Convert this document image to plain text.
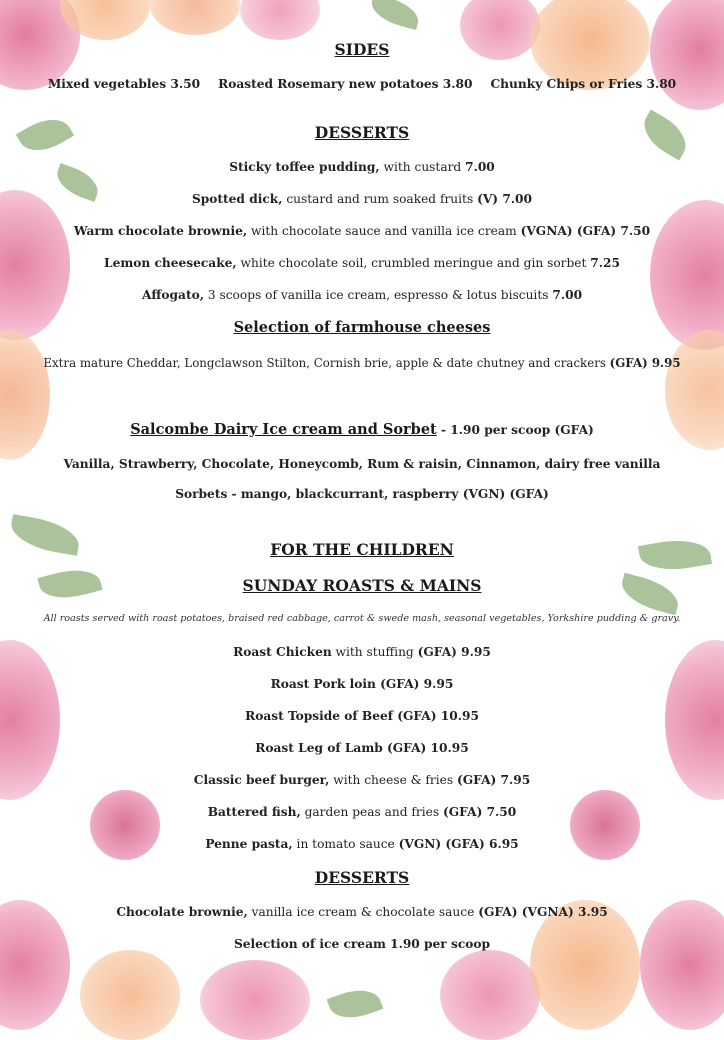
SIDES

Mixed vegetables 3.50 Roasted Rosemary new potatoes 3.80 Chunky Chips or Fries 3.80

DESSERTS

Sticky toffee pudding, with custard 7.00
Spotted dick, custard and rum soaked fruits (V) 7.00
Warm chocolate brownie, with chocolate sauce and vanilla ice cream (VGNA) (GFA) 7.50
Lemon cheesecake, white chocolate soil, crumbled meringue and gin sorbet 7.25
Affogato, 3 scoops of vanilla ice cream, espresso & lotus biscuits 7.00

Selection of farmhouse cheeses

Extra mature Cheddar, Longclawson Stilton, Cornish brie, apple & date chutney and crackers (GFA) 9.95
Salcombe Dairy Ice cream and Sorbet - 1.90 per scoop (GFA)
Vanilla, Strawberry, Chocolate, Honeycomb, Rum & raisin, Cinnamon, dairy free vanilla
Sorbets - mango, blackcurrant, raspberry (VGN) (GFA)

FOR THE CHILDREN

SUNDAY ROASTS & MAINS

All roasts served with roast potatoes, braised red cabbage, carrot & swede mash, seasonal vegetables, Yorkshire pudding & gravy.
Roast Chicken with stuffing (GFA) 9.95
Roast Pork loin (GFA) 9.95
Roast Topside of Beef (GFA) 10.95
Roast Leg of Lamb (GFA) 10.95
Classic beef burger, with cheese & fries (GFA) 7.95
Battered fish, garden peas and fries (GFA) 7.50
Penne pasta, in tomato sauce (VGN) (GFA) 6.95

DESSERTS

Chocolate brownie, vanilla ice cream & chocolate sauce (GFA) (VGNA) 3.95
Selection of ice cream 1.90 per scoop
